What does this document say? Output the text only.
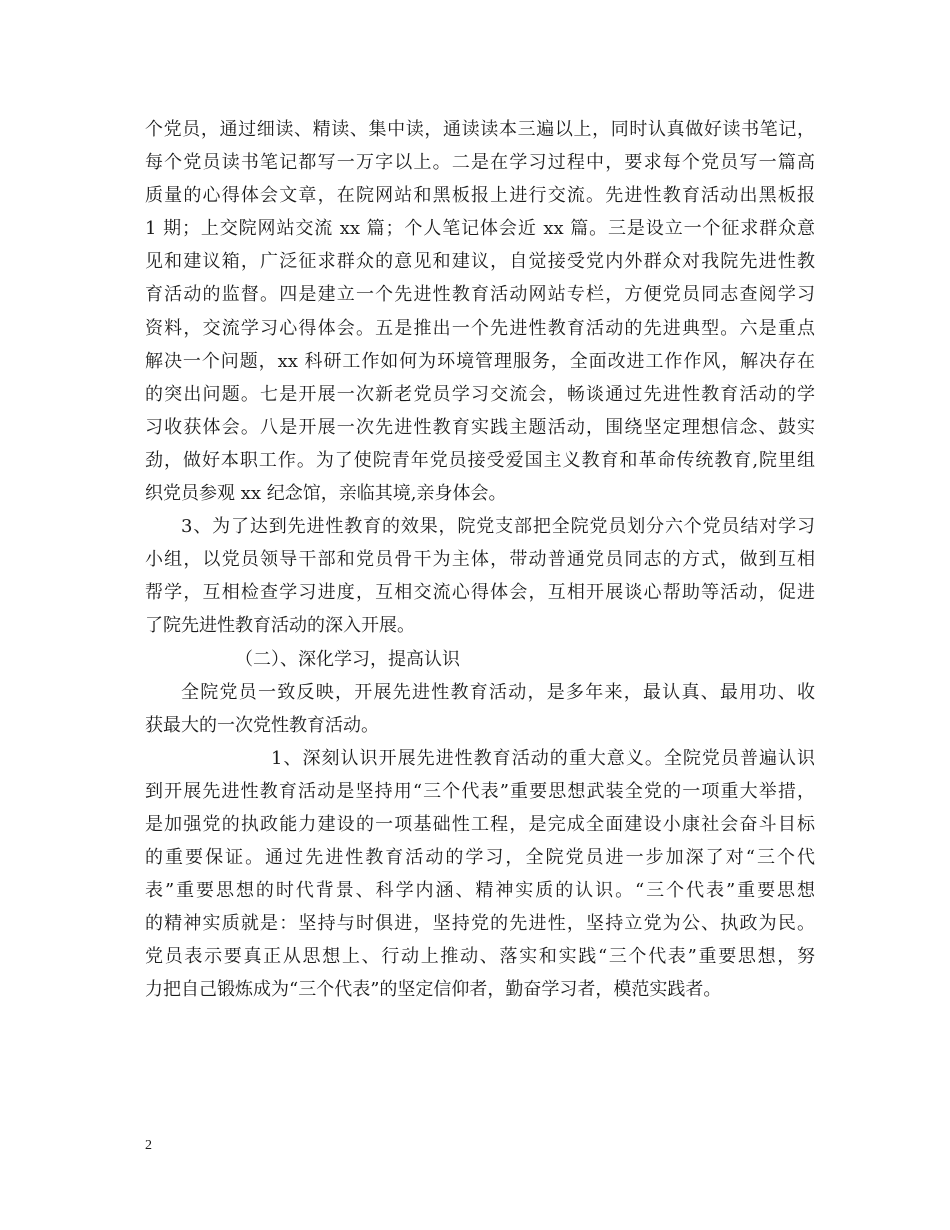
个党员，通过细读、精读、集中读，通读读本三遍以上，同时认真做好读书笔记，
每个党员读书笔记都写一万字以上。二是在学习过程中，要求每个党员写一篇高
质量的心得体会文章，在院网站和黑板报上进行交流。先进性教育活动出黑板报
1 期；上交院网站交流 xx 篇；个人笔记体会近 xx 篇。三是设立一个征求群众意
见和建议箱，广泛征求群众的意见和建议，自觉接受党内外群众对我院先进性教
育活动的监督。四是建立一个先进性教育活动网站专栏，方便党员同志查阅学习
资料，交流学习心得体会。五是推出一个先进性教育活动的先进典型。六是重点
解决一个问题，xx 科研工作如何为环境管理服务，全面改进工作作风，解决存在
的突出问题。七是开展一次新老党员学习交流会，畅谈通过先进性教育活动的学
习收获体会。八是开展一次先进性教育实践主题活动，围绕坚定理想信念、鼓实
劲，做好本职工作。为了使院青年党员接受爱国主义教育和革命传统教育,院里组
织党员参观 xx 纪念馆，亲临其境,亲身体会。
3、为了达到先进性教育的效果，院党支部把全院党员划分六个党员结对学习
小组，以党员领导干部和党员骨干为主体，带动普通党员同志的方式，做到互相
帮学，互相检查学习进度，互相交流心得体会，互相开展谈心帮助等活动，促进
了院先进性教育活动的深入开展。
（二）、深化学习，提高认识
全院党员一致反映，开展先进性教育活动，是多年来，最认真、最用功、收
获最大的一次党性教育活动。
1、深刻认识开展先进性教育活动的重大意义。全院党员普遍认识
到开展先进性教育活动是坚持用“三个代表”重要思想武装全党的一项重大举措，
是加强党的执政能力建设的一项基础性工程，是完成全面建设小康社会奋斗目标
的重要保证。通过先进性教育活动的学习，全院党员进一步加深了对“三个代
表”重要思想的时代背景、科学内涵、精神实质的认识。“三个代表”重要思想
的精神实质就是：坚持与时俱进，坚持党的先进性，坚持立党为公、执政为民。
党员表示要真正从思想上、行动上推动、落实和实践“三个代表”重要思想，努
力把自己锻炼成为“三个代表”的坚定信仰者，勤奋学习者，模范实践者。
2
